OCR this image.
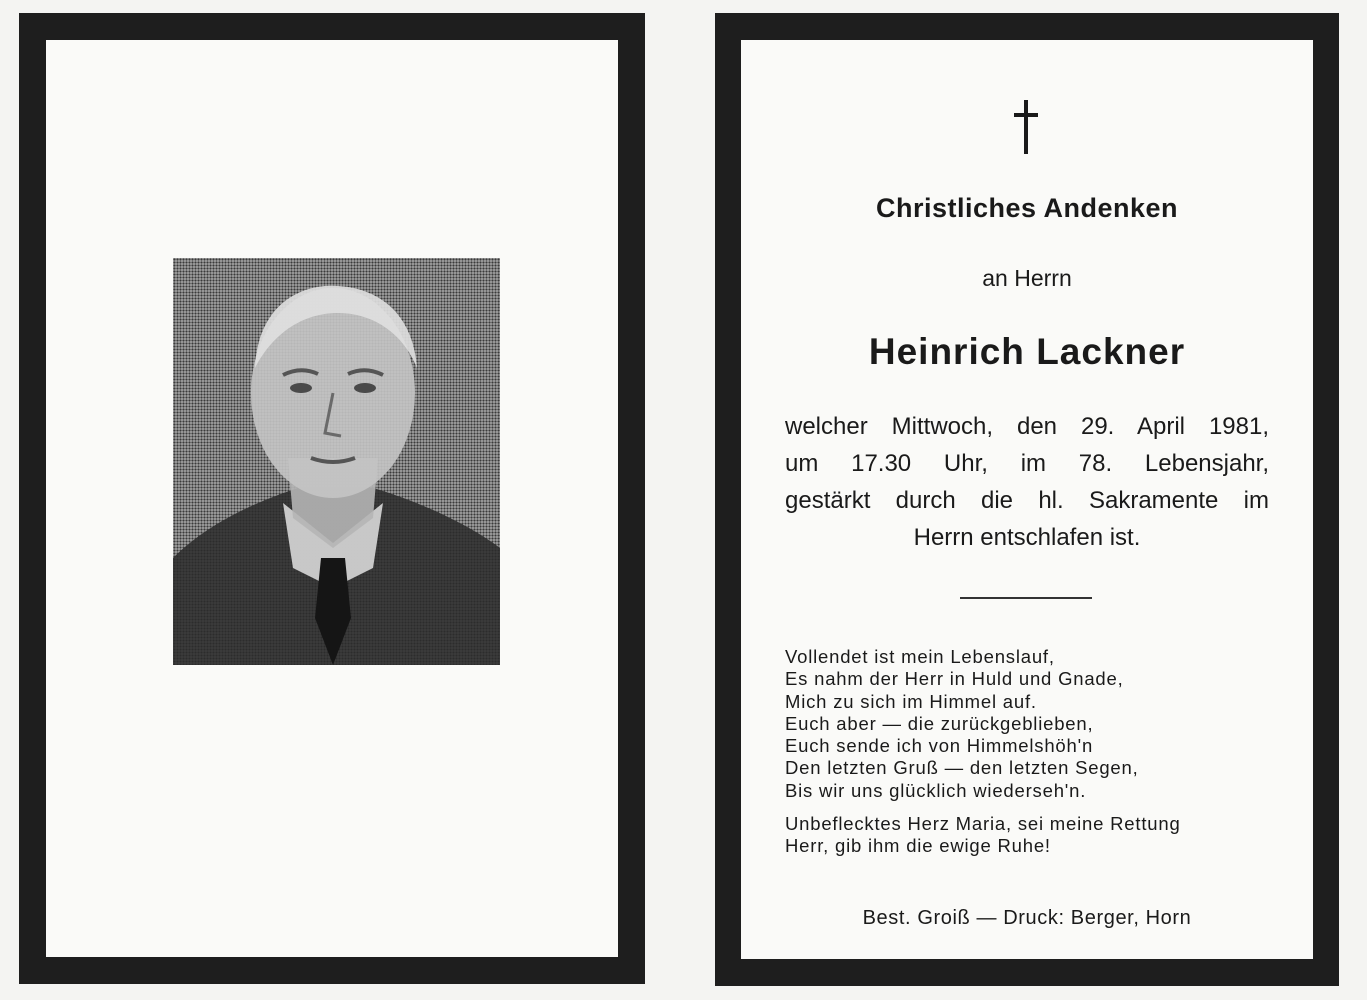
Christliches Andenken

an Herrn

Heinrich Lackner

welcher Mittwoch, den 29. April 1981,
um 17.30 Uhr, im 78. Lebensjahr,
gestärkt durch die hl. Sakramente im
Herrn entschlafen ist.
Vollendet ist mein Lebenslauf,
Es nahm der Herr in Huld und Gnade,
Mich zu sich im Himmel auf.
Euch aber — die zurückgeblieben,
Euch sende ich von Himmelshöh'n
Den letzten Gruß — den letzten Segen,
Bis wir uns glücklich wiederseh'n.
Unbeflecktes Herz Maria, sei meine Rettung
Herr, gib ihm die ewige Ruhe!
Best. Groiß — Druck: Berger, Horn
